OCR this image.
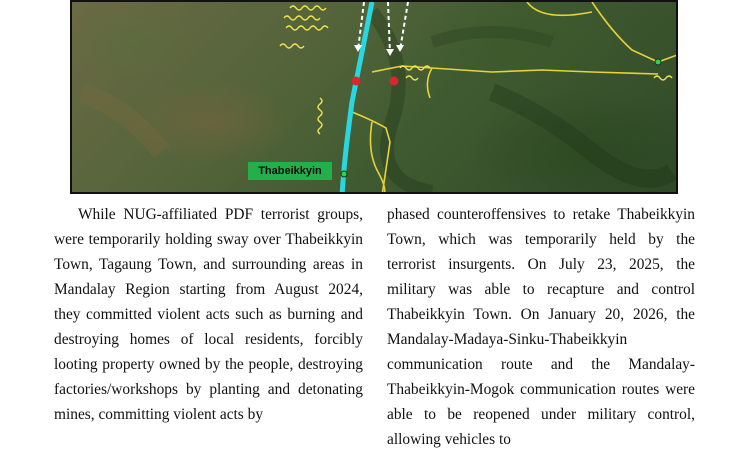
Thabeikkyin
While NUG-affiliated PDF terrorist groups, were temporarily holding sway over Thabeikkyin Town, Tagaung Town, and surrounding areas in Mandalay Region starting from August 2024, they committed violent acts such as burning and destroying homes of local residents, forcibly looting property owned by the people, destroying factories/workshops by planting and detonating mines, committing violent acts by
phased counteroffensives to retake Thabeikkyin Town, which was temporarily held by the terrorist insurgents. On July 23, 2025, the military was able to recapture and control Thabeikkyin Town. On January 20, 2026, the Mandalay-Madaya-Sinku-Thabeikkyin communication route and the Mandalay-Thabeikkyin-Mogok communication routes were able to be reopened under military control, allowing vehicles to
